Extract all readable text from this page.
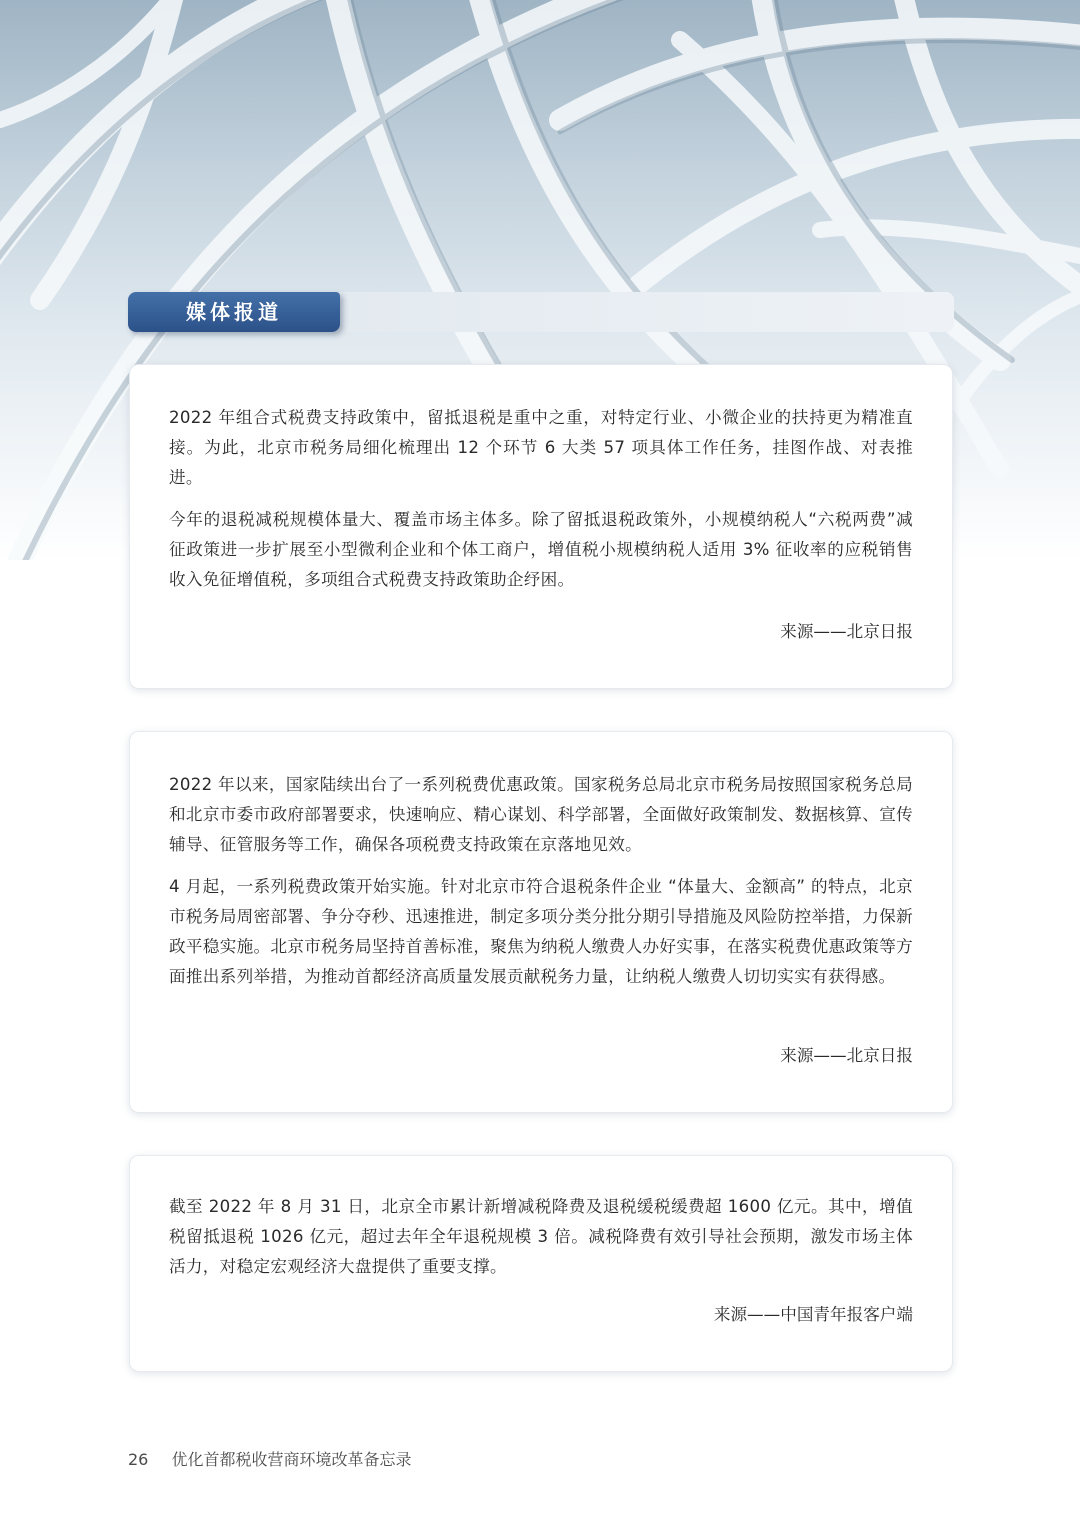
媒体报道

2022 年组合式税费支持政策中，留抵退税是重中之重，对特定行业、小微企业的扶持更为精准直接。为此，北京市税务局细化梳理出 12 个环节 6 大类 57 项具体工作任务，挂图作战、对表推进。

今年的退税减税规模体量大、覆盖市场主体多。除了留抵退税政策外，小规模纳税人“六税两费”减征政策进一步扩展至小型微利企业和个体工商户，增值税小规模纳税人适用 3% 征收率的应税销售收入免征增值税，多项组合式税费支持政策助企纾困。

来源——北京日报

2022 年以来，国家陆续出台了一系列税费优惠政策。国家税务总局北京市税务局按照国家税务总局和北京市委市政府部署要求，快速响应、精心谋划、科学部署，全面做好政策制发、数据核算、宣传辅导、征管服务等工作，确保各项税费支持政策在京落地见效。

4 月起，一系列税费政策开始实施。针对北京市符合退税条件企业 “体量大、金额高” 的特点，北京市税务局周密部署、争分夺秒、迅速推进，制定多项分类分批分期引导措施及风险防控举措，力保新政平稳实施。北京市税务局坚持首善标准，聚焦为纳税人缴费人办好实事，在落实税费优惠政策等方面推出系列举措，为推动首都经济高质量发展贡献税务力量，让纳税人缴费人切切实实有获得感。

来源——北京日报

截至 2022 年 8 月 31 日，北京全市累计新增减税降费及退税缓税缓费超 1600 亿元。其中，增值税留抵退税 1026 亿元，超过去年全年退税规模 3 倍。减税降费有效引导社会预期，激发市场主体活力，对稳定宏观经济大盘提供了重要支撑。

来源——中国青年报客户端
26 优化首都税收营商环境改革备忘录
